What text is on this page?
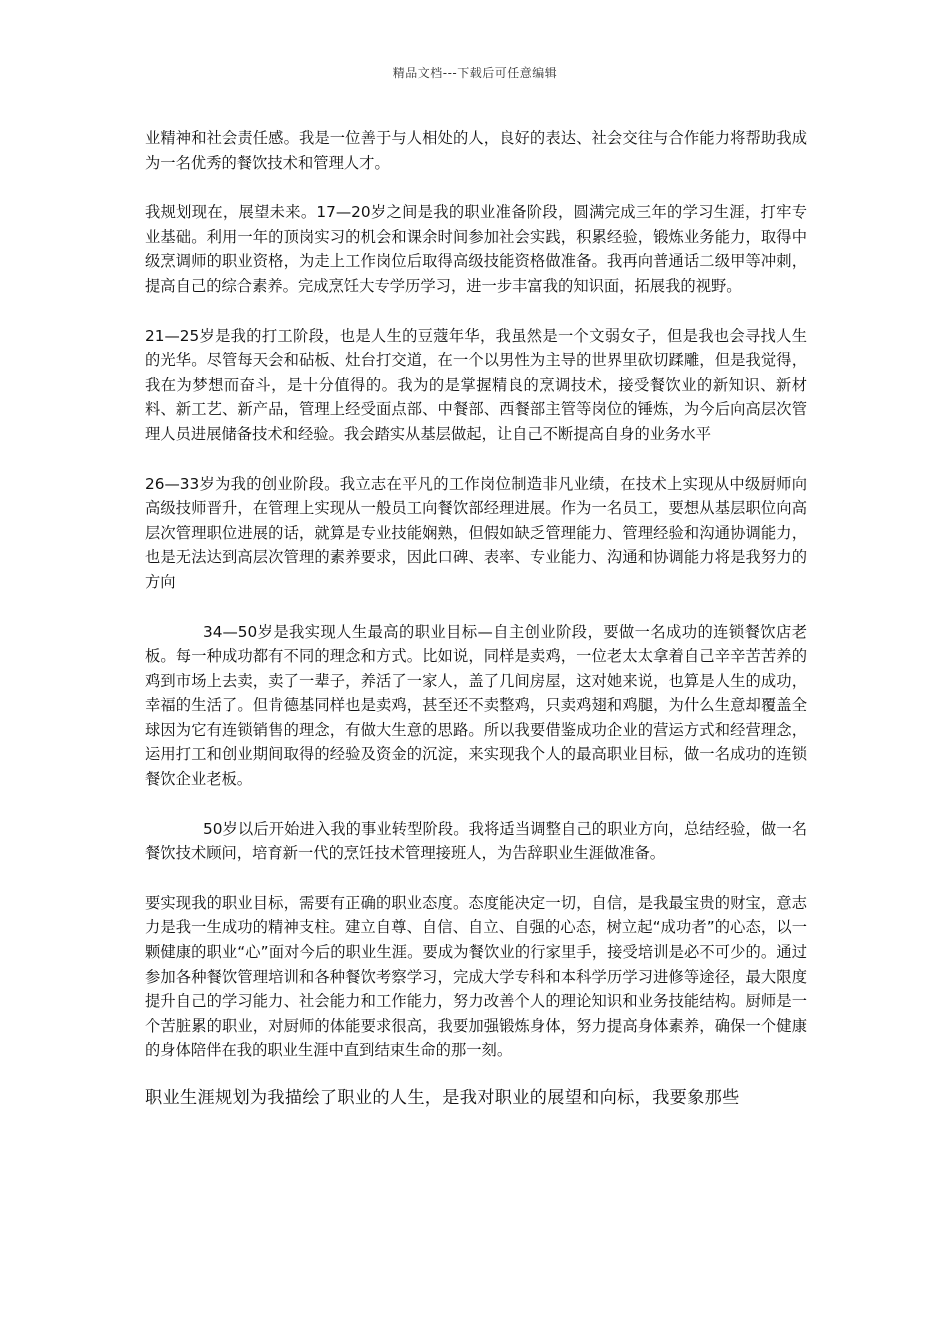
精品文档---下载后可任意编辑

业精神和社会责任感。我是一位善于与人相处的人，良好的表达、社会交往与合作能力将帮助我成为一名优秀的餐饮技术和管理人才。

我规划现在，展望未来。17—20岁之间是我的职业准备阶段，圆满完成三年的学习生涯，打牢专业基础。利用一年的顶岗实习的机会和课余时间参加社会实践，积累经验，锻炼业务能力，取得中级烹调师的职业资格，为走上工作岗位后取得高级技能资格做准备。我再向普通话二级甲等冲刺，提高自己的综合素养。完成烹饪大专学历学习，进一步丰富我的知识面，拓展我的视野。

21—25岁是我的打工阶段，也是人生的豆蔻年华，我虽然是一个文弱女子，但是我也会寻找人生的光华。尽管每天会和砧板、灶台打交道，在一个以男性为主导的世界里砍切蹂雕，但是我觉得，我在为梦想而奋斗，是十分值得的。我为的是掌握精良的烹调技术，接受餐饮业的新知识、新材料、新工艺、新产品，管理上经受面点部、中餐部、西餐部主管等岗位的锤炼，为今后向高层次管理人员进展储备技术和经验。我会踏实从基层做起，让自己不断提高自身的业务水平

26—33岁为我的创业阶段。我立志在平凡的工作岗位制造非凡业绩，在技术上实现从中级厨师向高级技师晋升，在管理上实现从一般员工向餐饮部经理进展。作为一名员工，要想从基层职位向高层次管理职位进展的话，就算是专业技能娴熟，但假如缺乏管理能力、管理经验和沟通协调能力，也是无法达到高层次管理的素养要求，因此口碑、表率、专业能力、沟通和协调能力将是我努力的方向

34—50岁是我实现人生最高的职业目标—自主创业阶段，要做一名成功的连锁餐饮店老板。每一种成功都有不同的理念和方式。比如说，同样是卖鸡，一位老太太拿着自己辛辛苦苦养的鸡到市场上去卖，卖了一辈子，养活了一家人，盖了几间房屋，这对她来说，也算是人生的成功，幸福的生活了。但肯德基同样也是卖鸡，甚至还不卖整鸡，只卖鸡翅和鸡腿，为什么生意却覆盖全球因为它有连锁销售的理念，有做大生意的思路。所以我要借鉴成功企业的营运方式和经营理念，运用打工和创业期间取得的经验及资金的沉淀，来实现我个人的最高职业目标，做一名成功的连锁餐饮企业老板。

50岁以后开始进入我的事业转型阶段。我将适当调整自己的职业方向，总结经验，做一名餐饮技术顾问，培育新一代的烹饪技术管理接班人，为告辞职业生涯做准备。

要实现我的职业目标，需要有正确的职业态度。态度能决定一切，自信，是我最宝贵的财宝，意志力是我一生成功的精神支柱。建立自尊、自信、自立、自强的心态，树立起“成功者”的心态，以一颗健康的职业“心”面对今后的职业生涯。要成为餐饮业的行家里手，接受培训是必不可少的。通过参加各种餐饮管理培训和各种餐饮考察学习，完成大学专科和本科学历学习进修等途径，最大限度提升自己的学习能力、社会能力和工作能力，努力改善个人的理论知识和业务技能结构。厨师是一个苦脏累的职业，对厨师的体能要求很高，我要加强锻炼身体，努力提高身体素养，确保一个健康的身体陪伴在我的职业生涯中直到结束生命的那一刻。

职业生涯规划为我描绘了职业的人生，是我对职业的展望和向标，我要象那些
